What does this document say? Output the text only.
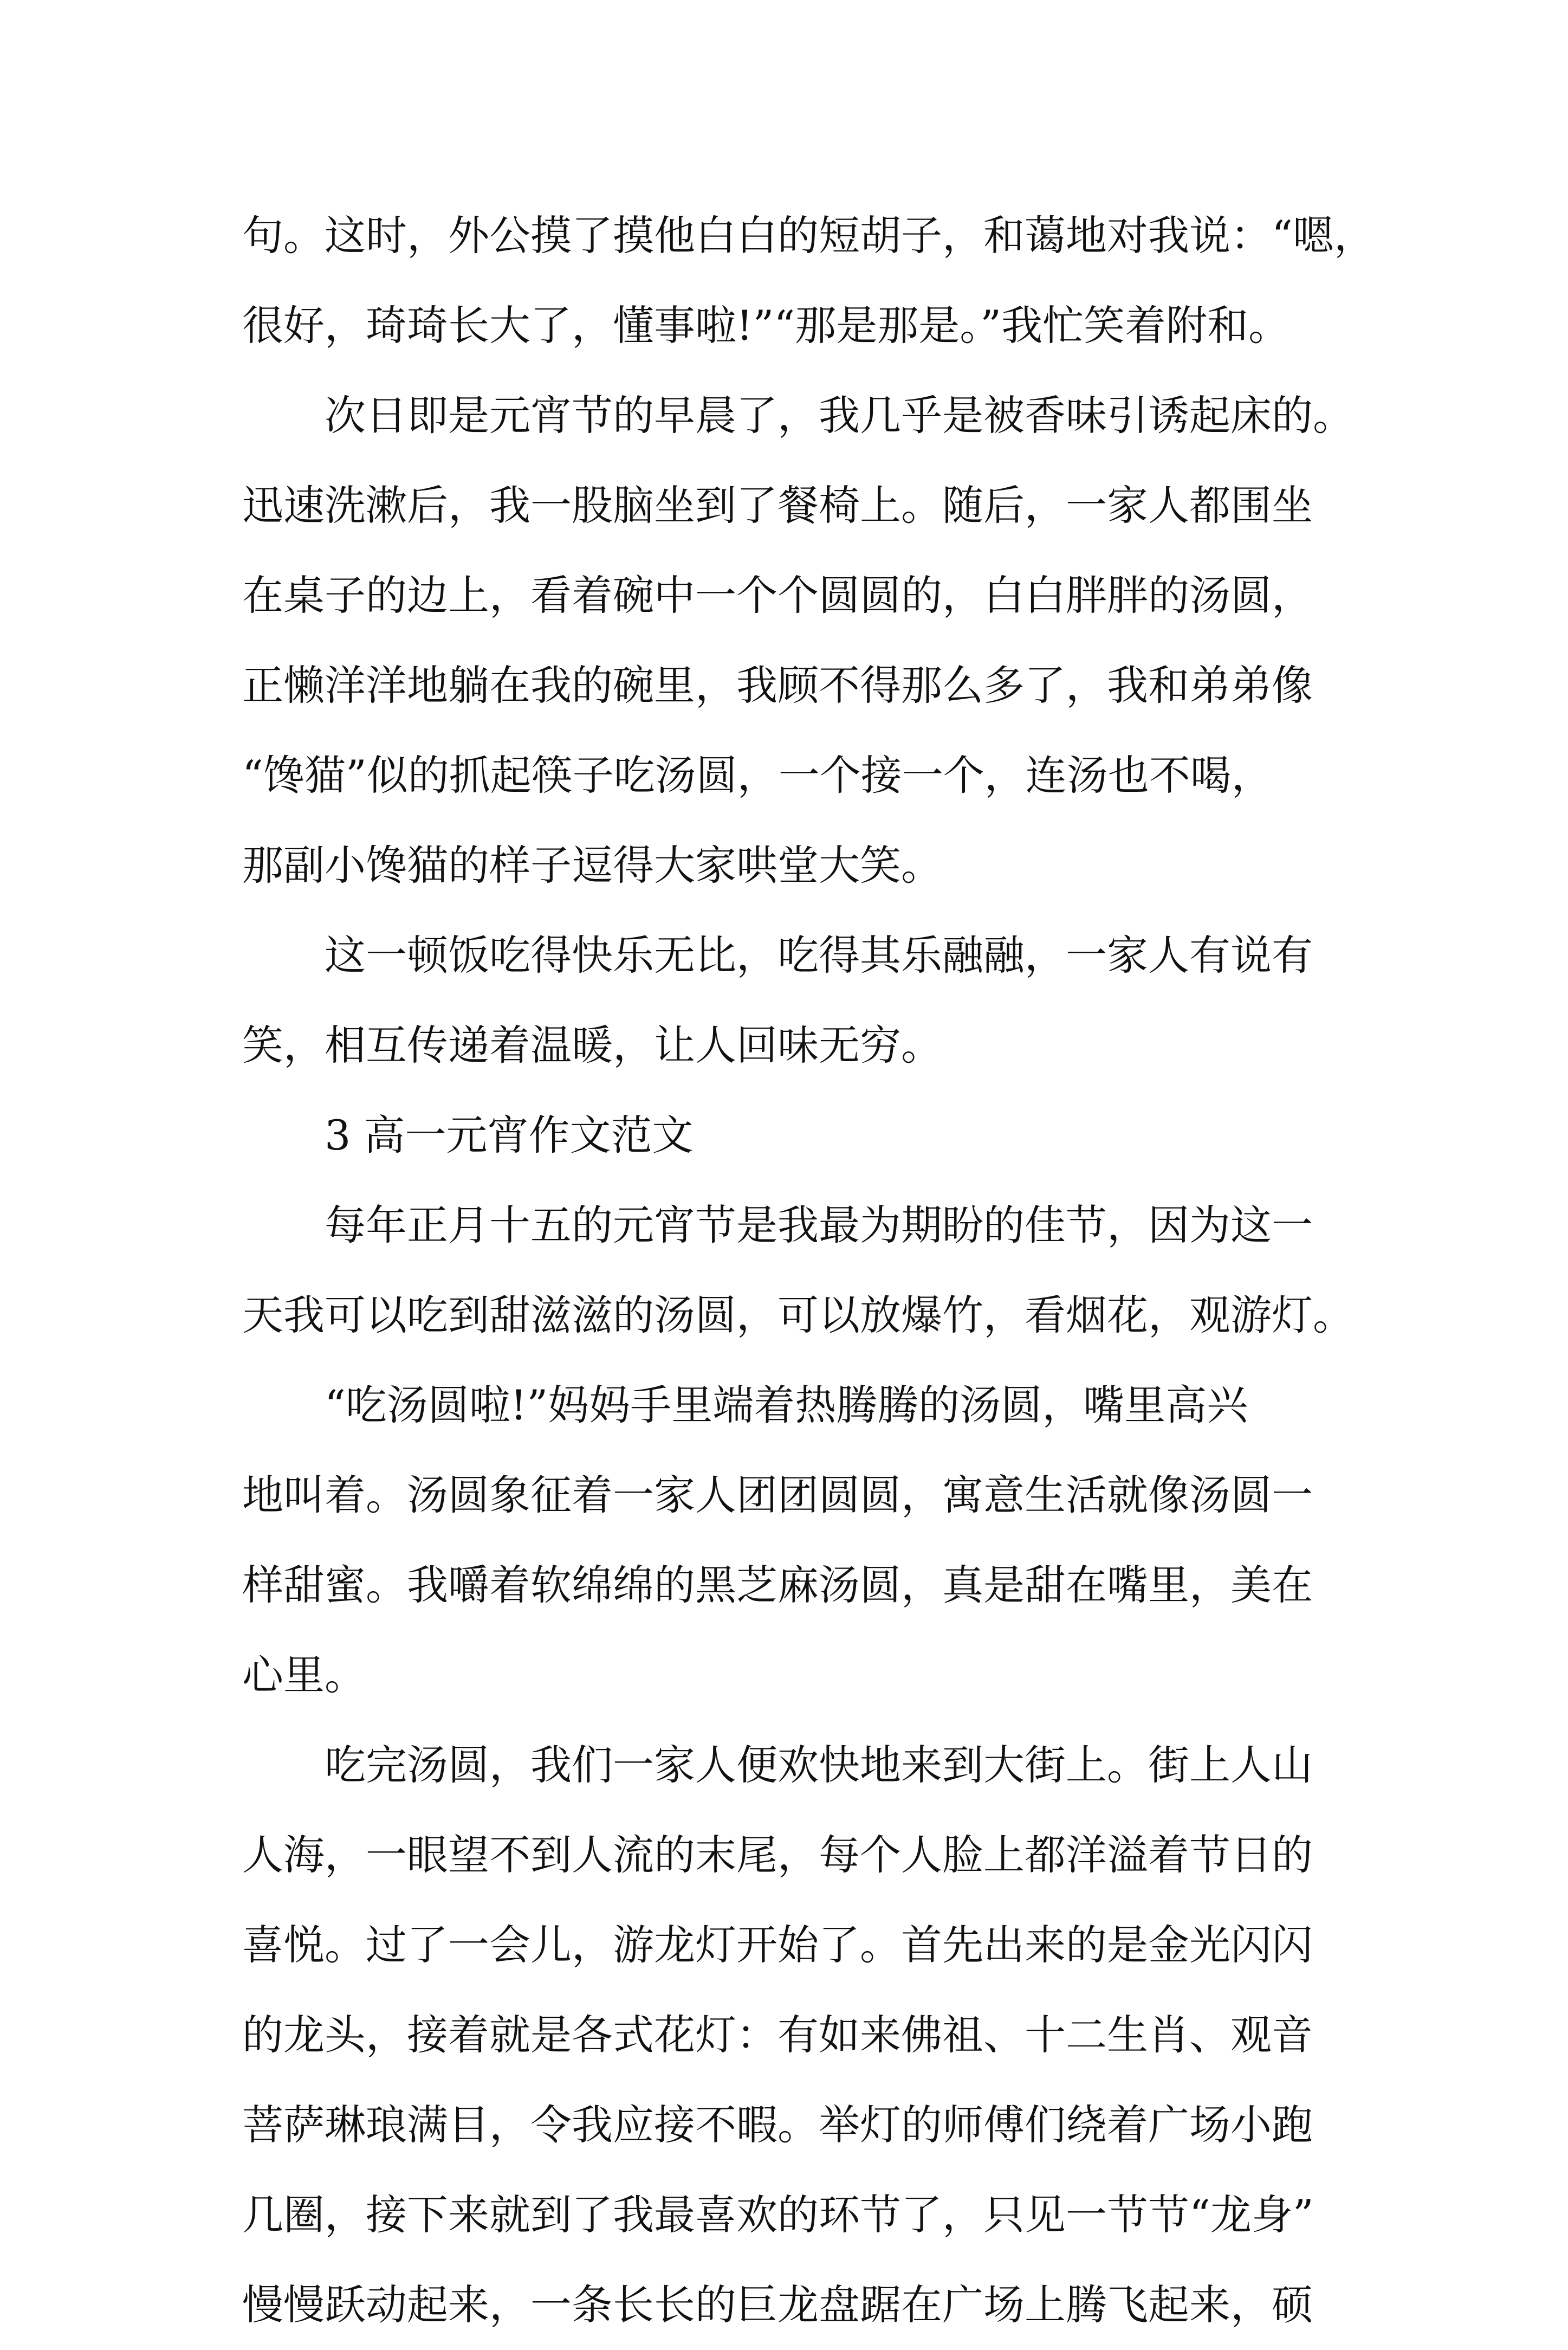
句。这时，外公摸了摸他白白的短胡子，和蔼地对我说：“嗯，
很好，琦琦长大了，懂事啦!”“那是那是。”我忙笑着附和。
　　次日即是元宵节的早晨了，我几乎是被香味引诱起床的。
迅速洗漱后，我一股脑坐到了餐椅上。随后，一家人都围坐
在桌子的边上，看着碗中一个个圆圆的，白白胖胖的汤圆，
正懒洋洋地躺在我的碗里，我顾不得那么多了，我和弟弟像
“馋猫”似的抓起筷子吃汤圆，一个接一个，连汤也不喝，
那副小馋猫的样子逗得大家哄堂大笑。
　　这一顿饭吃得快乐无比，吃得其乐融融，一家人有说有
笑，相互传递着温暖，让人回味无穷。
　　3 高一元宵作文范文
　　每年正月十五的元宵节是我最为期盼的佳节，因为这一
天我可以吃到甜滋滋的汤圆，可以放爆竹，看烟花，观游灯。
　　“吃汤圆啦!”妈妈手里端着热腾腾的汤圆，嘴里高兴
地叫着。汤圆象征着一家人团团圆圆，寓意生活就像汤圆一
样甜蜜。我嚼着软绵绵的黑芝麻汤圆，真是甜在嘴里，美在
心里。
　　吃完汤圆，我们一家人便欢快地来到大街上。街上人山
人海，一眼望不到人流的末尾，每个人脸上都洋溢着节日的
喜悦。过了一会儿，游龙灯开始了。首先出来的是金光闪闪
的龙头，接着就是各式花灯：有如来佛祖、十二生肖、观音
菩萨琳琅满目，令我应接不暇。举灯的师傅们绕着广场小跑
几圈，接下来就到了我最喜欢的环节了，只见一节节“龙身”
慢慢跃动起来，一条长长的巨龙盘踞在广场上腾飞起来，硕
